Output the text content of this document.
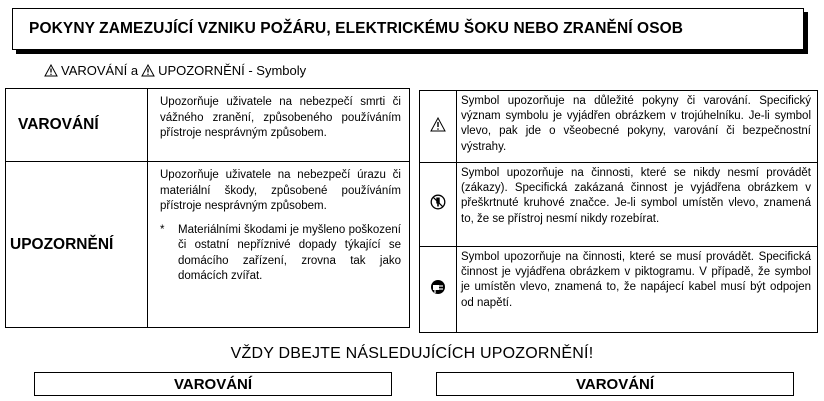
POKYNY ZAMEZUJÍCÍ VZNIKU POŽÁRU, ELEKTRICKÉMU ŠOKU NEBO ZRANĚNÍ OSOB
VAROVÁNÍ a UPOZORNĚNÍ - Symboly
VAROVÁNÍ	Upozorňuje uživatele na nebezpečí smrti či vážného zranění, způsobeného používáním přístroje nesprávným způsobem.
UPOZORNĚNÍ	Upozorňuje uživatele na nebezpečí úrazu či materiální škody, způsobené používáním přístroje nesprávným způsobem.
* Materiálními škodami je myšleno poškození či ostatní nepříznivé dopady týkající se domácího zařízení, zrovna tak jako domácích zvířat.
	Symbol upozorňuje na důležité pokyny či varování. Specifický význam symbolu je vyjádřen obrázkem v trojúhelníku. Je-li symbol vlevo, pak jde o všeobecné pokyny, varování či bezpečnostní výstrahy.
	Symbol upozorňuje na činnosti, které se nikdy nesmí provádět (zákazy). Specifická zakázaná činnost je vyjádřena obrázkem v přeškrtnuté kruhové značce. Je-li symbol umístěn vlevo, znamená to, že se přístroj nesmí nikdy rozebírat.
	Symbol upozorňuje na činnosti, které se musí provádět. Specifická činnost je vyjádřena obrázkem v piktogramu. V případě, že symbol je umístěn vlevo, znamená to, že napájecí kabel musí být odpojen od napětí.
VŽDY DBEJTE NÁSLEDUJÍCÍCH UPOZORNĚNÍ!
VAROVÁNÍ	VAROVÁNÍ
